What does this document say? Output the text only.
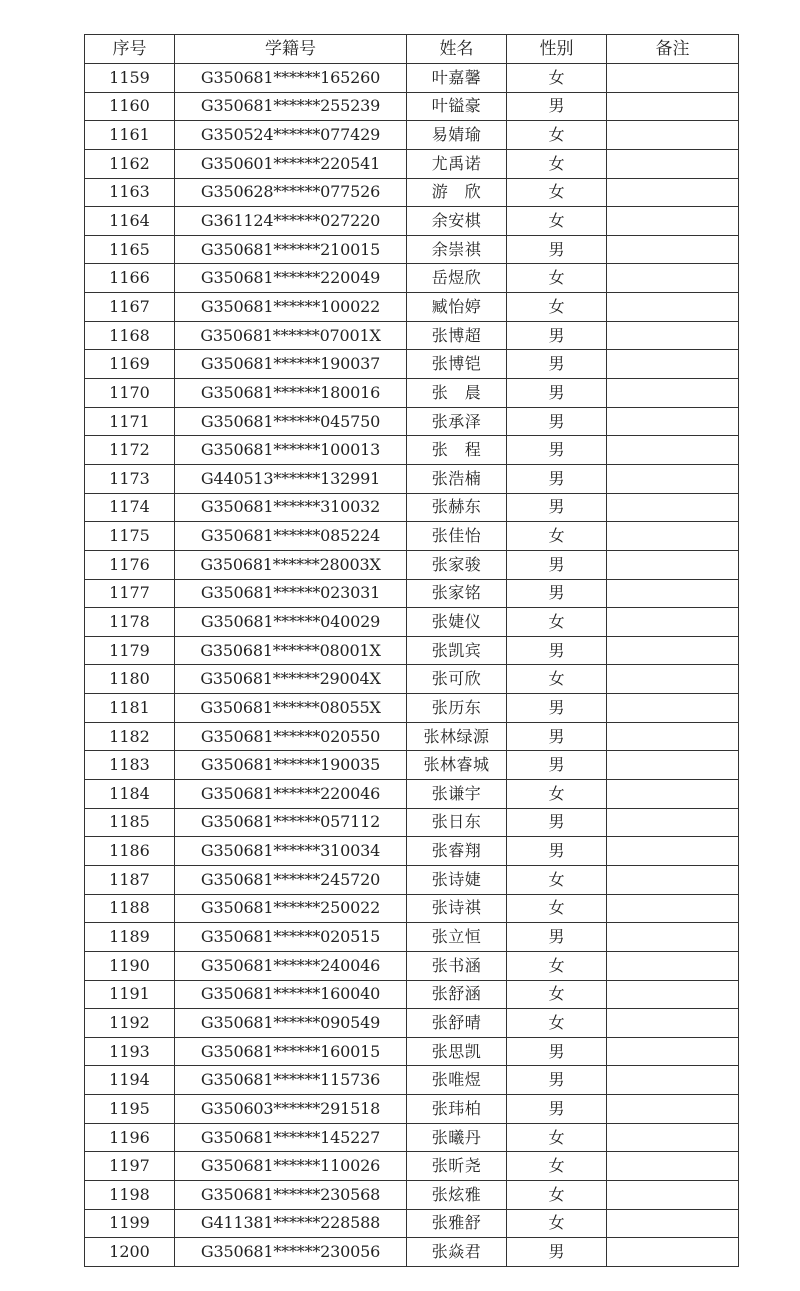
序号	学籍号	姓名	性别	备注
1159	G350681******165260	叶嘉馨	女	
1160	G350681******255239	叶镒豪	男	
1161	G350524******077429	易婧瑜	女	
1162	G350601******220541	尤禹诺	女	
1163	G350628******077526	游　欣	女	
1164	G361124******027220	余安棋	女	
1165	G350681******210015	余崇祺	男	
1166	G350681******220049	岳煜欣	女	
1167	G350681******100022	臧怡婷	女	
1168	G350681******07001X	张博超	男	
1169	G350681******190037	张博铠	男	
1170	G350681******180016	张　晨	男	
1171	G350681******045750	张承泽	男	
1172	G350681******100013	张　程	男	
1173	G440513******132991	张浩楠	男	
1174	G350681******310032	张赫东	男	
1175	G350681******085224	张佳怡	女	
1176	G350681******28003X	张家骏	男	
1177	G350681******023031	张家铭	男	
1178	G350681******040029	张婕仪	女	
1179	G350681******08001X	张凯宾	男	
1180	G350681******29004X	张可欣	女	
1181	G350681******08055X	张历东	男	
1182	G350681******020550	张林绿源	男	
1183	G350681******190035	张林睿城	男	
1184	G350681******220046	张谦宇	女	
1185	G350681******057112	张日东	男	
1186	G350681******310034	张睿翔	男	
1187	G350681******245720	张诗婕	女	
1188	G350681******250022	张诗祺	女	
1189	G350681******020515	张立恒	男	
1190	G350681******240046	张书涵	女	
1191	G350681******160040	张舒涵	女	
1192	G350681******090549	张舒晴	女	
1193	G350681******160015	张思凯	男	
1194	G350681******115736	张唯煜	男	
1195	G350603******291518	张玮柏	男	
1196	G350681******145227	张曦丹	女	
1197	G350681******110026	张昕尧	女	
1198	G350681******230568	张炫雅	女	
1199	G411381******228588	张雅舒	女	
1200	G350681******230056	张焱君	男	
